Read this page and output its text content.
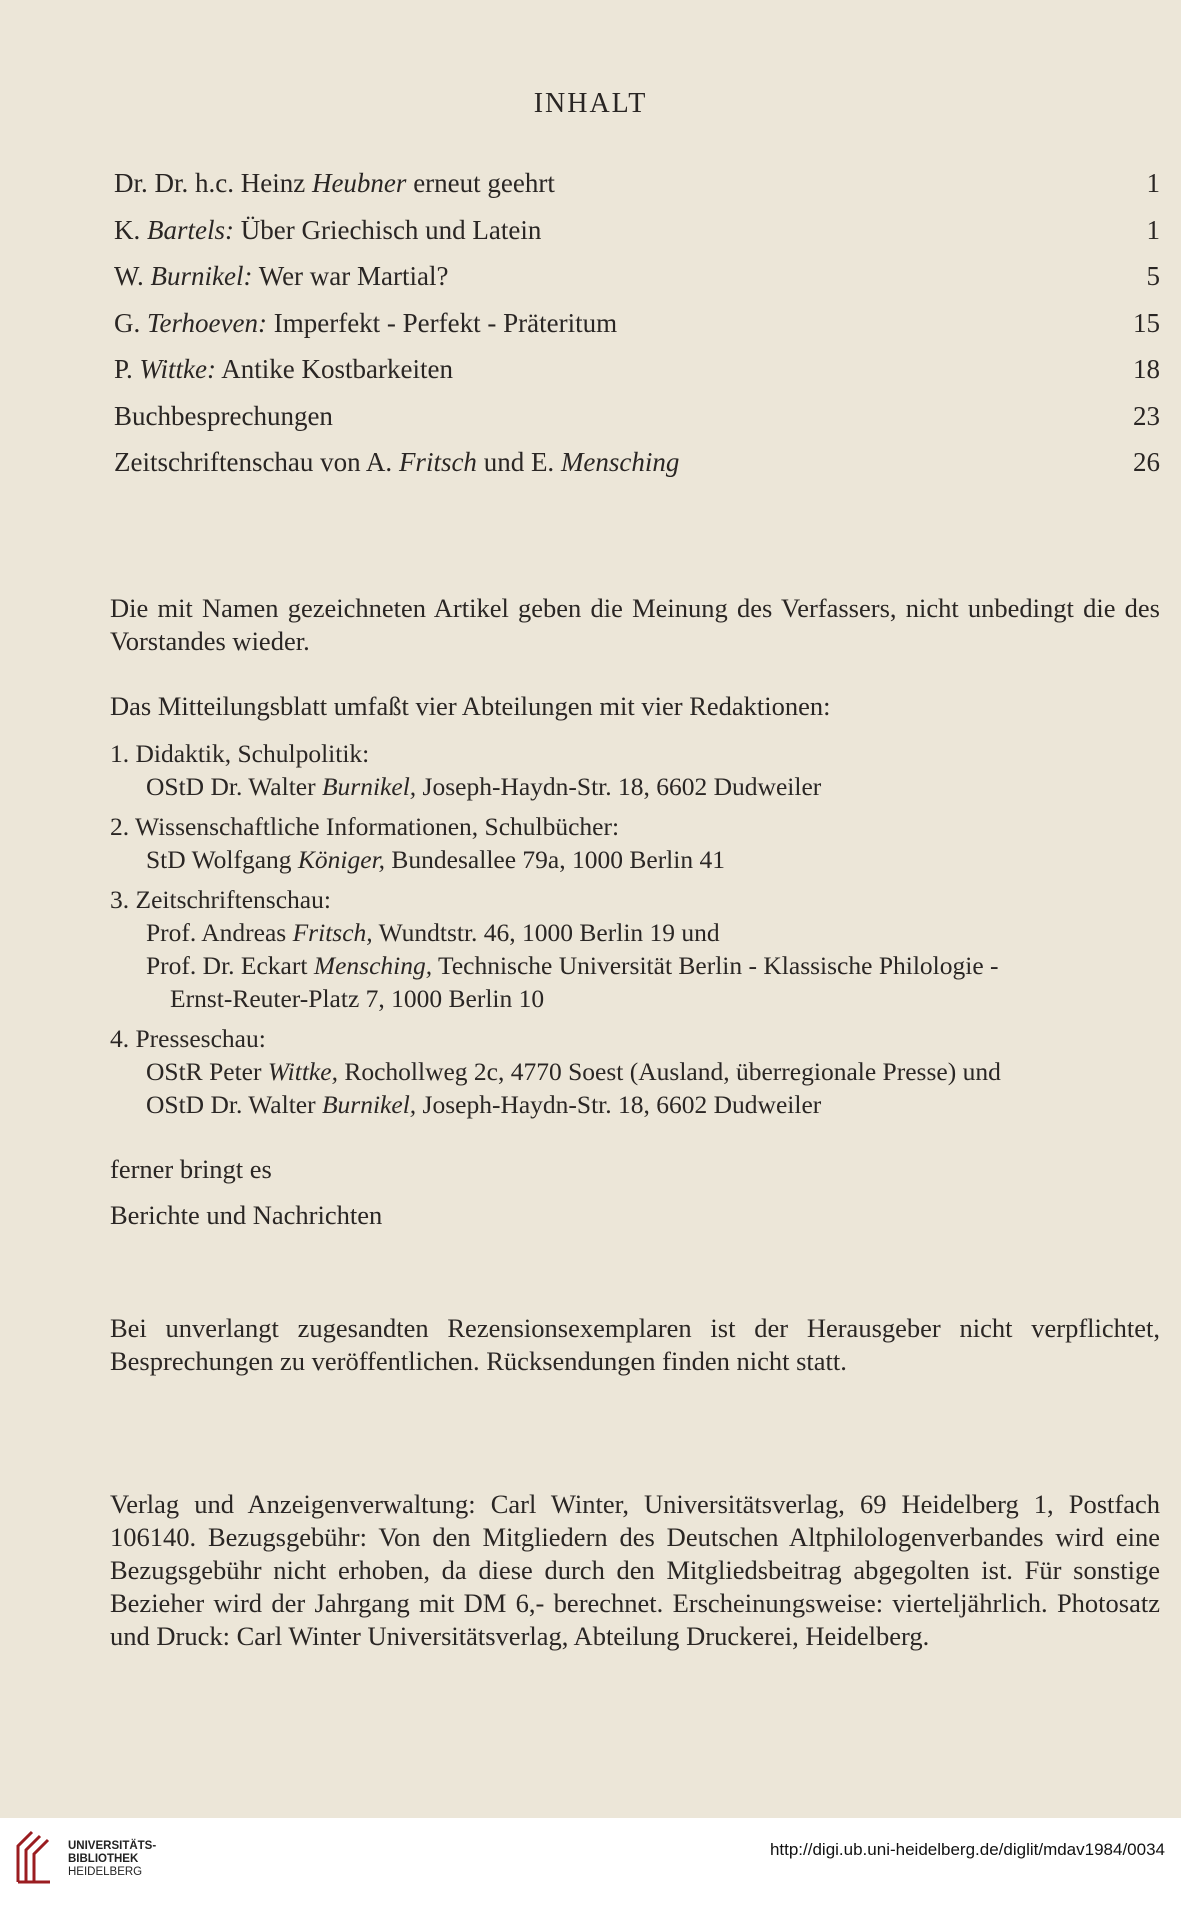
INHALT
Dr. Dr. h.c. Heinz Heubner erneut geehrt	1
K. Bartels: Über Griechisch und Latein	1
W. Burnikel: Wer war Martial?	5
G. Terhoeven: Imperfekt - Perfekt - Präteritum	15
P. Wittke: Antike Kostbarkeiten	18
Buchbesprechungen	23
Zeitschriftenschau von A. Fritsch und E. Mensching	26
Die mit Namen gezeichneten Artikel geben die Meinung des Verfassers, nicht unbedingt die des Vorstandes wieder.
Das Mitteilungsblatt umfaßt vier Abteilungen mit vier Redaktionen:
1. Didaktik, Schulpolitik:
OStD Dr. Walter Burnikel, Joseph-Haydn-Str. 18, 6602 Dudweiler
2. Wissenschaftliche Informationen, Schulbücher:
StD Wolfgang Königer, Bundesallee 79a, 1000 Berlin 41
3. Zeitschriftenschau:
Prof. Andreas Fritsch, Wundtstr. 46, 1000 Berlin 19 und
Prof. Dr. Eckart Mensching, Technische Universität Berlin - Klassische Philologie -
Ernst-Reuter-Platz 7, 1000 Berlin 10
4. Presseschau:
OStR Peter Wittke, Rochollweg 2c, 4770 Soest (Ausland, überregionale Presse) und
OStD Dr. Walter Burnikel, Joseph-Haydn-Str. 18, 6602 Dudweiler
ferner bringt es
Berichte und Nachrichten
Bei unverlangt zugesandten Rezensionsexemplaren ist der Herausgeber nicht verpflichtet, Besprechungen zu veröffentlichen. Rücksendungen finden nicht statt.
Verlag und Anzeigenverwaltung: Carl Winter, Universitätsverlag, 69 Heidelberg 1, Postfach 106140. Bezugsgebühr: Von den Mitgliedern des Deutschen Altphilologenverbandes wird eine Bezugsgebühr nicht erhoben, da diese durch den Mitgliedsbeitrag abgegolten ist. Für sonstige Bezieher wird der Jahrgang mit DM 6,- berechnet. Erscheinungsweise: vierteljährlich. Photosatz und Druck: Carl Winter Universitätsverlag, Abteilung Druckerei, Heidelberg.
UNIVERSITÄTS-
BIBLIOTHEK
HEIDELBERG
http://digi.ub.uni-heidelberg.de/diglit/mdav1984/0034
